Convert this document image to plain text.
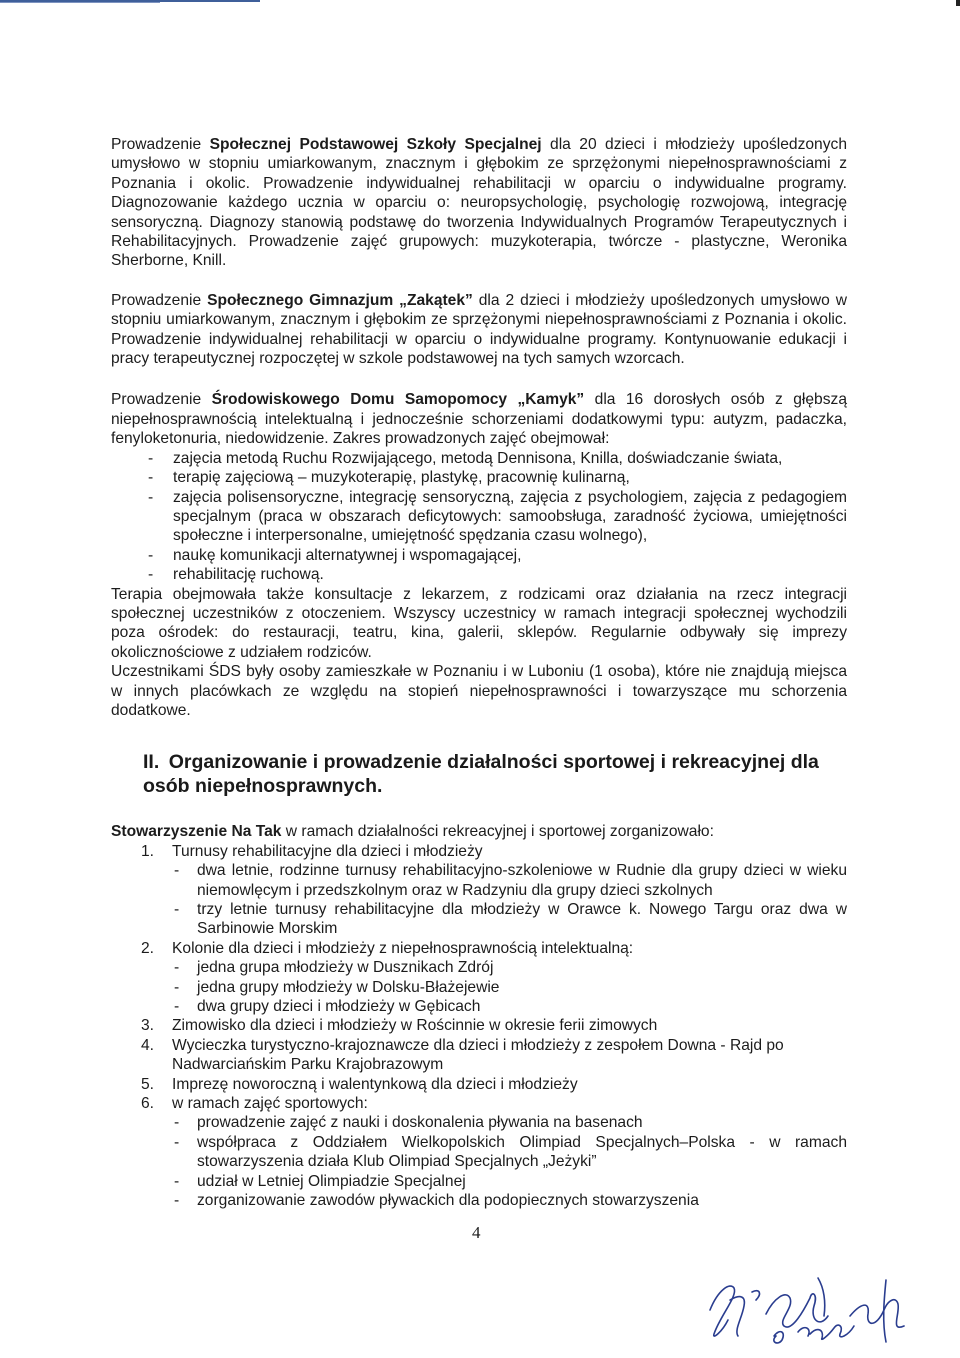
Prowadzenie Społecznej Podstawowej Szkoły Specjalnej dla 20 dzieci i młodzieży upośledzonych umysłowo w stopniu umiarkowanym, znacznym i głębokim ze sprzężonymi niepełnosprawnościami z Poznania i okolic. Prowadzenie indywidualnej rehabilitacji w oparciu o indywidualne programy. Diagnozowanie każdego ucznia w oparciu o: neuropsychologię, psychologię rozwojową, integrację sensoryczną. Diagnozy stanowią podstawę do tworzenia Indywidualnych Programów Terapeutycznych i Rehabilitacyjnych. Prowadzenie zajęć grupowych: muzykoterapia, twórcze - plastyczne, Weronika Sherborne, Knill.

Prowadzenie Społecznego Gimnazjum „Zakątek” dla 2 dzieci i młodzieży upośledzonych umysłowo w stopniu umiarkowanym, znacznym i głębokim ze sprzężonymi niepełnosprawnościami z Poznania i okolic. Prowadzenie indywidualnej rehabilitacji w oparciu o indywidualne programy. Kontynuowanie edukacji i pracy terapeutycznej rozpoczętej w szkole podstawowej na tych samych wzorcach.

Prowadzenie Środowiskowego Domu Samopomocy „Kamyk” dla 16 dorosłych osób z głębszą niepełnosprawnością intelektualną i jednocześnie schorzeniami dodatkowymi typu: autyzm, padaczka, fenyloketonuria, niedowidzenie. Zakres prowadzonych zajęć obejmował:

- zajęcia metodą Ruchu Rozwijającego, metodą Dennisona, Knilla, doświadczanie świata,
- terapię zajęciową – muzykoterapię, plastykę, pracownię kulinarną,
- zajęcia polisensoryczne, integrację sensoryczną, zajęcia z psychologiem, zajęcia z pedagogiem specjalnym (praca w obszarach deficytowych: samoobsługa, zaradność życiowa, umiejętności społeczne i interpersonalne, umiejętność spędzania czasu wolnego),
- naukę komunikacji alternatywnej i wspomagającej,
- rehabilitację ruchową.

Terapia obejmowała także konsultacje z lekarzem, z rodzicami oraz działania na rzecz integracji społecznej uczestników z otoczeniem. Wszyscy uczestnicy w ramach integracji społecznej wychodzili poza ośrodek: do restauracji, teatru, kina, galerii, sklepów. Regularnie odbywały się imprezy okolicznościowe z udziałem rodziców.

Uczestnikami ŚDS były osoby zamieszkałe w Poznaniu i w Luboniu (1 osoba), które nie znajdują miejsca w innych placówkach ze względu na stopień niepełnosprawności i towarzyszące mu schorzenia dodatkowe.

II. Organizowanie i prowadzenie działalności sportowej i rekreacyjnej dla osób niepełnosprawnych.

Stowarzyszenie Na Tak w ramach działalności rekreacyjnej i sportowej zorganizowało:

1. Turnusy rehabilitacyjne dla dzieci i młodzieży
- dwa letnie, rodzinne turnusy rehabilitacyjno-szkoleniowe w Rudnie dla grupy dzieci w wieku niemowlęcym i przedszkolnym oraz w Radzyniu dla grupy dzieci szkolnych
- trzy letnie turnusy rehabilitacyjne dla młodzieży w Orawce k. Nowego Targu oraz dwa w Sarbinowie Morskim
2. Kolonie dla dzieci i młodzieży z niepełnosprawnością intelektualną:
- jedna grupa młodzieży w Dusznikach Zdrój
- jedna grupy młodzieży w Dolsku-Błażejewie
- dwa grupy dzieci i młodzieży w Gębicach
3. Zimowisko dla dzieci i młodzieży w Rościnnie w okresie ferii zimowych
4. Wycieczka turystyczno-krajoznawcze dla dzieci i młodzieży z zespołem Downa - Rajd po Nadwarciańskim Parku Krajobrazowym
5. Imprezę noworoczną i walentynkową dla dzieci i młodzieży
6. w ramach zajęć sportowych:
- prowadzenie zajęć z nauki i doskonalenia pływania na basenach
- współpraca z Oddziałem Wielkopolskich Olimpiad Specjalnych–Polska - w ramach stowarzyszenia działa Klub Olimpiad Specjalnych „Jeżyki”
- udział w Letniej Olimpiadzie Specjalnej
- zorganizowanie zawodów pływackich dla podopiecznych stowarzyszenia
4
